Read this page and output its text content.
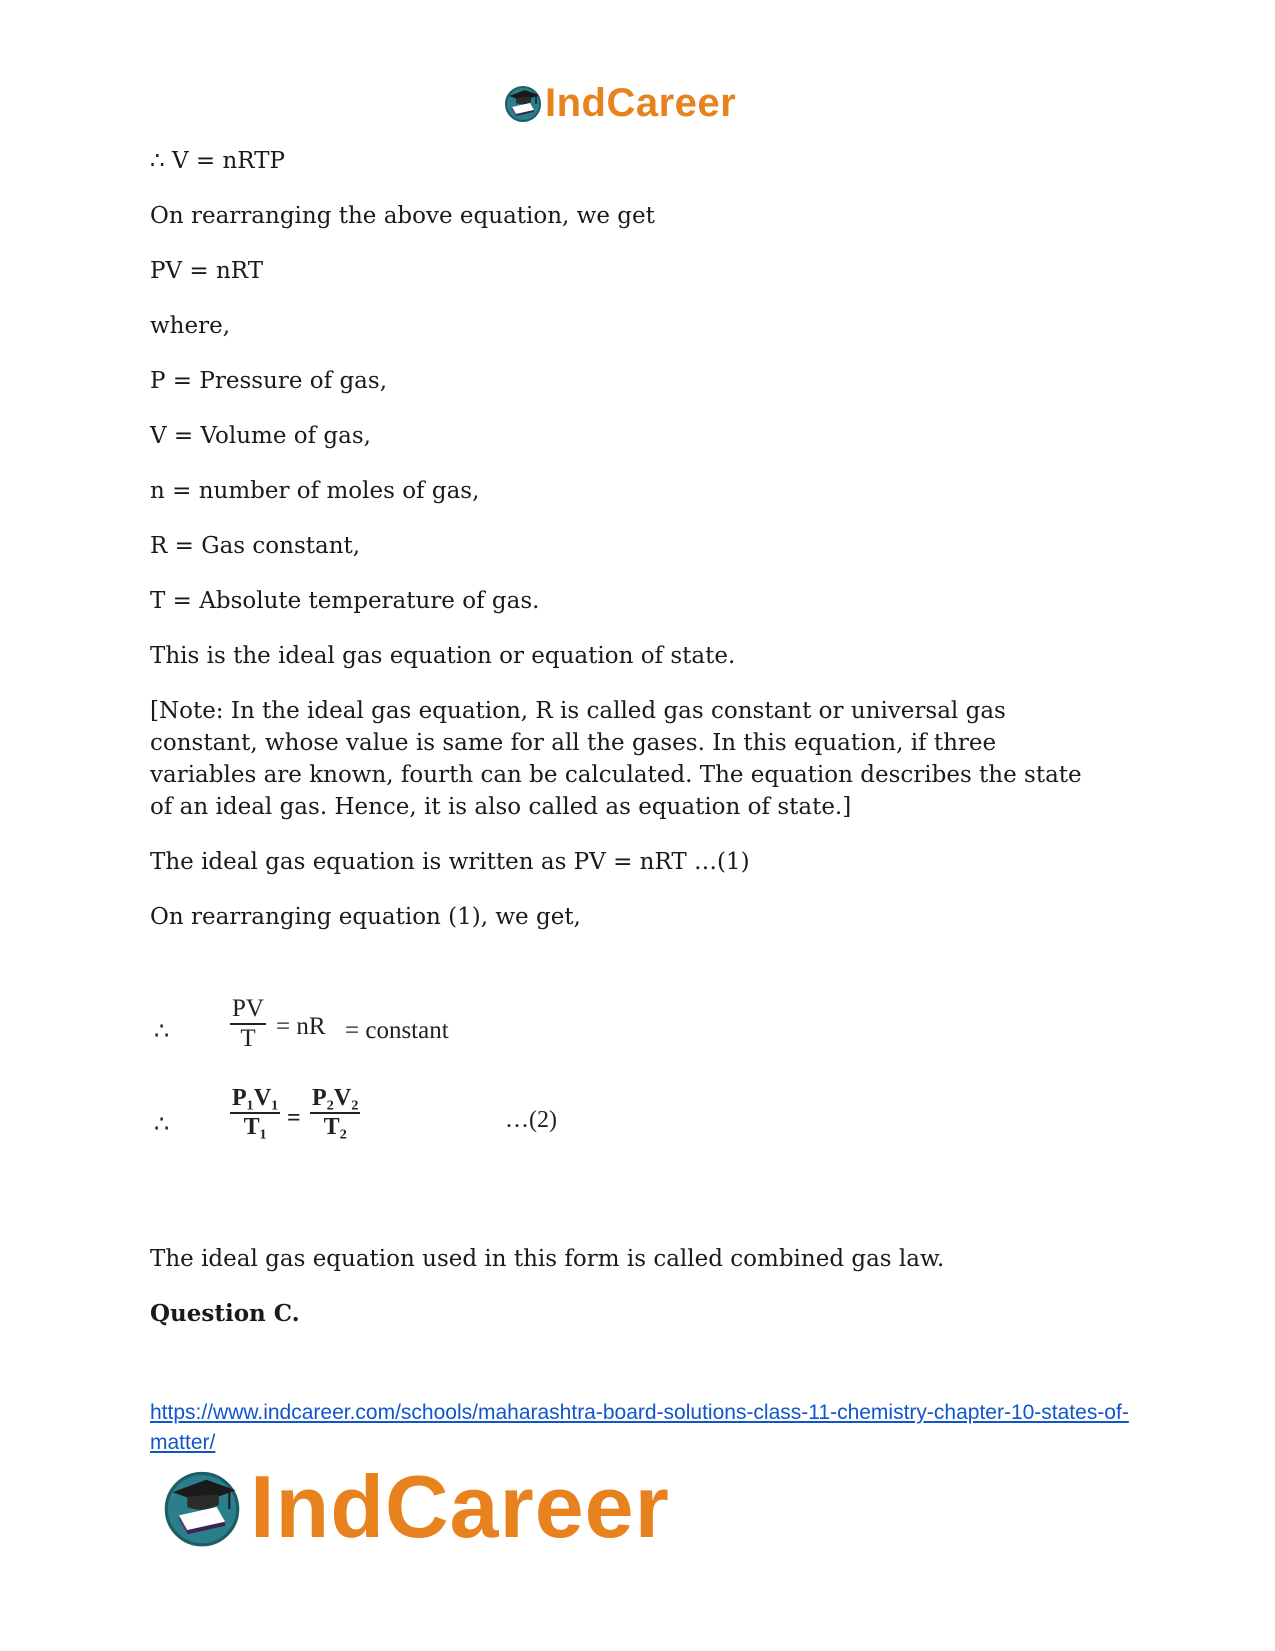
IndCareer

∴ V = nRTP

On rearranging the above equation, we get

PV = nRT

where,

P = Pressure of gas,

V = Volume of gas,

n = number of moles of gas,

R = Gas constant,

T = Absolute temperature of gas.

This is the ideal gas equation or equation of state.

[Note: In the ideal gas equation, R is called gas constant or universal gas constant, whose value is same for all the gases. In this equation, if three variables are known, fourth can be calculated. The equation describes the state of an ideal gas. Hence, it is also called as equation of state.]

The ideal gas equation is written as PV = nRT …(1)

On rearranging equation (1), we get,

∴
PV
T = nR = constant
∴
P₁V₁
T₁ =
P₂V₂
T₂	…(2)

The ideal gas equation used in this form is called combined gas law.

Question C.

https://www.indcareer.com/schools/maharashtra-board-solutions-class-11-chemistry-chapter-10-states-of-matter/
IndCareer
